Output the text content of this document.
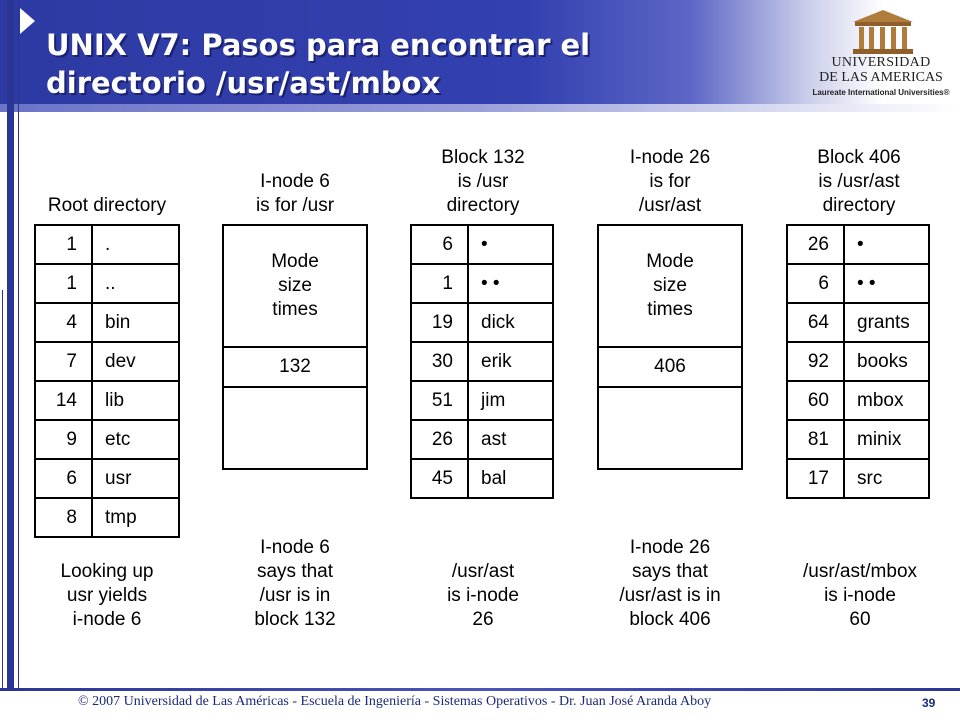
UNIX V7: Pasos para encontrar el
directorio /usr/ast/mbox
UNIVERSIDAD
DE LAS AMERICAS
Laureate International Universities®
Root directory
1	.
1	..
4	bin
7	dev
14	lib
9	etc
6	usr
8	tmp
Looking up
usr yields
i-node 6
I-node 6
is for /usr
Mode
size
times
132
I-node 6
says that
/usr is in
block 132
Block 132
is /usr
directory
6	•
1	• •
19	dick
30	erik
51	jim
26	ast
45	bal
/usr/ast
is i-node
26
I-node 26
is for
/usr/ast
Mode
size
times
406
I-node 26
says that
/usr/ast is in
block 406
Block 406
is /usr/ast
directory
26	•
6	• •
64	grants
92	books
60	mbox
81	minix
17	src
/usr/ast/mbox
is i-node
60
© 2007 Universidad de Las Américas - Escuela de Ingeniería - Sistemas Operativos - Dr. Juan José Aranda Aboy	39
